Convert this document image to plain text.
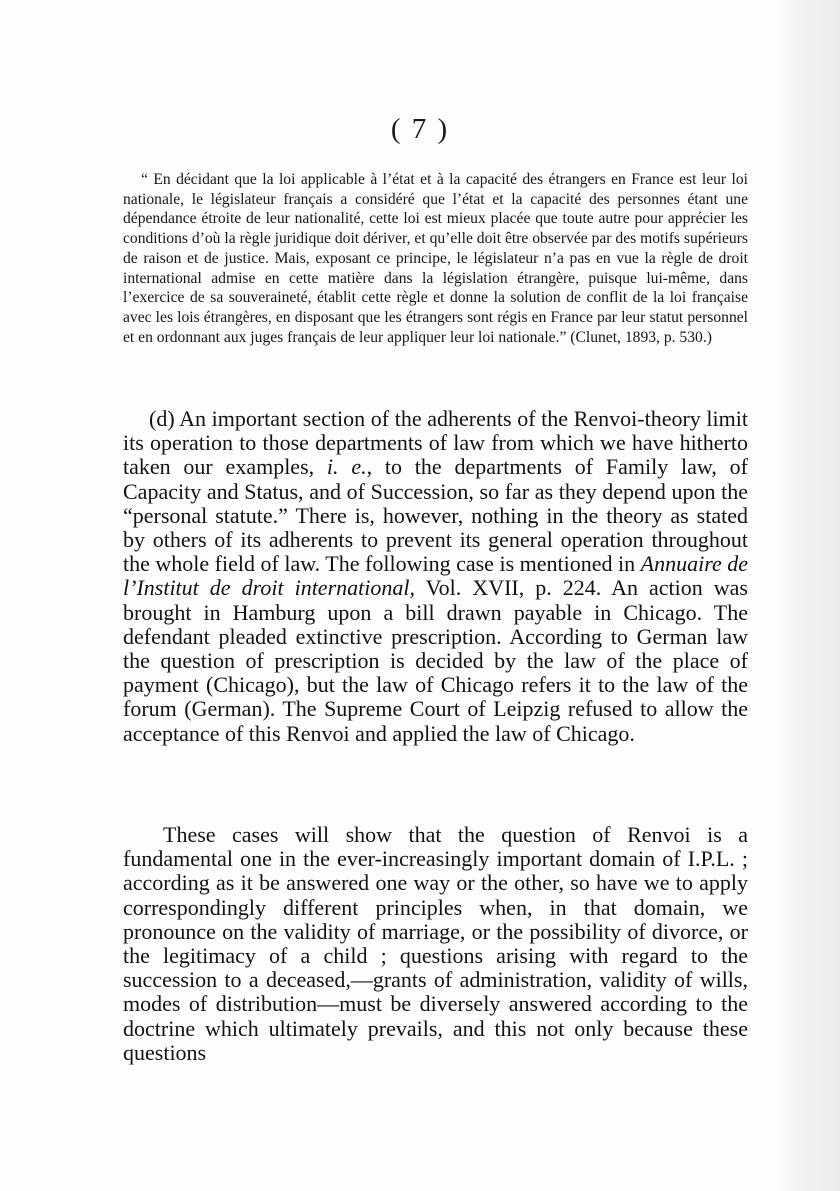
( 7 )

“ En décidant que la loi applicable à l’état et à la capacité des étrangers en France est leur loi nationale, le législateur français a considéré que l’état et la capacité des personnes étant une dépendance étroite de leur nationalité, cette loi est mieux placée que toute autre pour apprécier les conditions d’où la règle juridique doit dériver, et qu’elle doit être observée par des motifs supérieurs de raison et de justice. Mais, exposant ce principe, le législateur n’a pas en vue la règle de droit international admise en cette matière dans la législation étrangère, puisque lui-même, dans l’exercice de sa souveraineté, établit cette règle et donne la solution de conflit de la loi française avec les lois étrangères, en disposant que les étrangers sont régis en France par leur statut personnel et en ordonnant aux juges français de leur appliquer leur loi nationale.” (Clunet, 1893, p. 530.)

(d) An important section of the adherents of the Renvoi-theory limit its operation to those departments of law from which we have hitherto taken our examples, i. e., to the departments of Family law, of Capacity and Status, and of Succession, so far as they depend upon the “personal statute.” There is, however, nothing in the theory as stated by others of its adherents to prevent its general operation throughout the whole field of law. The following case is mentioned in Annuaire de l’Institut de droit international, Vol. XVII, p. 224. An action was brought in Hamburg upon a bill drawn payable in Chicago. The defendant pleaded extinctive prescription. According to German law the question of prescription is decided by the law of the place of payment (Chicago), but the law of Chicago refers it to the law of the forum (German). The Supreme Court of Leipzig refused to allow the acceptance of this Renvoi and applied the law of Chicago.

These cases will show that the question of Renvoi is a fundamental one in the ever-increasingly important domain of I.P.L. ; according as it be answered one way or the other, so have we to apply correspondingly different principles when, in that domain, we pronounce on the validity of marriage, or the possibility of divorce, or the legitimacy of a child ; questions arising with regard to the succession to a deceased,—grants of administration, validity of wills, modes of distribution—must be diversely answered according to the doctrine which ultimately prevails, and this not only because these questions
